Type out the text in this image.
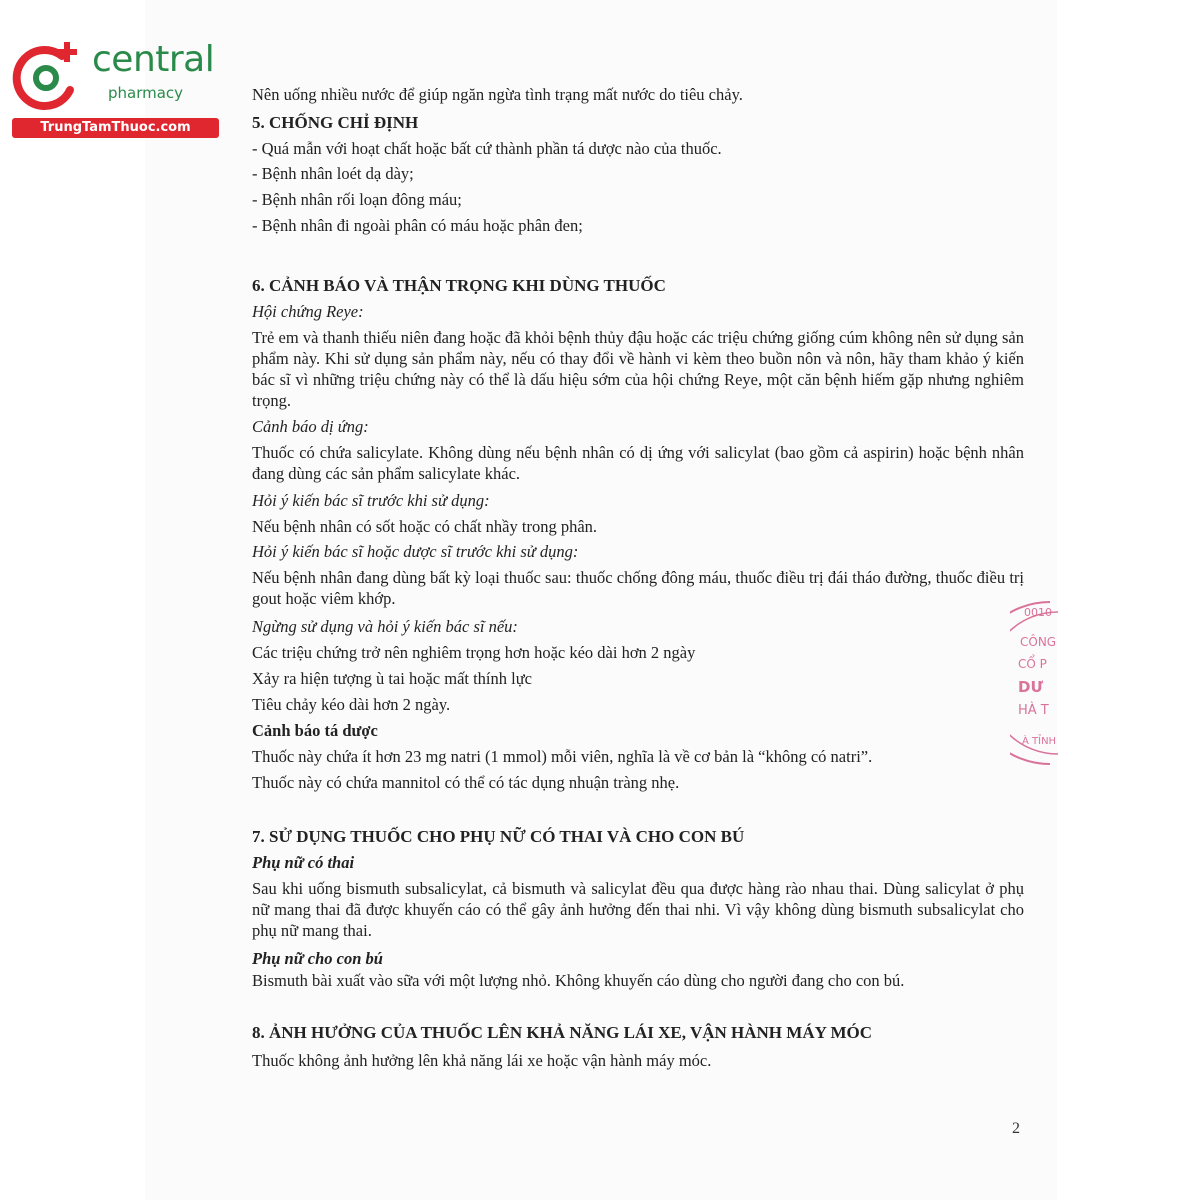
central
pharmacy
TrungTamThuoc.com

Nên uống nhiều nước để giúp ngăn ngừa tình trạng mất nước do tiêu chảy.

5. CHỐNG CHỈ ĐỊNH

- Quá mẫn với hoạt chất hoặc bất cứ thành phần tá dược nào của thuốc.

- Bệnh nhân loét dạ dày;

- Bệnh nhân rối loạn đông máu;

- Bệnh nhân đi ngoài phân có máu hoặc phân đen;

6. CẢNH BÁO VÀ THẬN TRỌNG KHI DÙNG THUỐC

Hội chứng Reye:

Trẻ em và thanh thiếu niên đang hoặc đã khỏi bệnh thủy đậu hoặc các triệu chứng giống cúm không nên sử dụng sản phẩm này. Khi sử dụng sản phẩm này, nếu có thay đổi về hành vi kèm theo buồn nôn và nôn, hãy tham khảo ý kiến bác sĩ vì những triệu chứng này có thể là dấu hiệu sớm của hội chứng Reye, một căn bệnh hiếm gặp nhưng nghiêm trọng.

Cảnh báo dị ứng:

Thuốc có chứa salicylate. Không dùng nếu bệnh nhân có dị ứng với salicylat (bao gồm cả aspirin) hoặc bệnh nhân đang dùng các sản phẩm salicylate khác.

Hỏi ý kiến bác sĩ trước khi sử dụng:

Nếu bệnh nhân có sốt hoặc có chất nhầy trong phân.

Hỏi ý kiến bác sĩ hoặc dược sĩ trước khi sử dụng:

Nếu bệnh nhân đang dùng bất kỳ loại thuốc sau: thuốc chống đông máu, thuốc điều trị đái tháo đường, thuốc điều trị gout hoặc viêm khớp.

Ngừng sử dụng và hỏi ý kiến bác sĩ nếu:

Các triệu chứng trở nên nghiêm trọng hơn hoặc kéo dài hơn 2 ngày

Xảy ra hiện tượng ù tai hoặc mất thính lực

Tiêu chảy kéo dài hơn 2 ngày.

Cảnh báo tá dược

Thuốc này chứa ít hơn 23 mg natri (1 mmol) mỗi viên, nghĩa là về cơ bản là “không có natri”.

Thuốc này có chứa mannitol có thể có tác dụng nhuận tràng nhẹ.

7. SỬ DỤNG THUỐC CHO PHỤ NỮ CÓ THAI VÀ CHO CON BÚ

Phụ nữ có thai

Sau khi uống bismuth subsalicylat, cả bismuth và salicylat đều qua được hàng rào nhau thai. Dùng salicylat ở phụ nữ mang thai đã được khuyến cáo có thể gây ảnh hưởng đến thai nhi. Vì vậy không dùng bismuth subsalicylat cho phụ nữ mang thai.

Phụ nữ cho con bú

Bismuth bài xuất vào sữa với một lượng nhỏ. Không khuyến cáo dùng cho người đang cho con bú.

8. ẢNH HƯỞNG CỦA THUỐC LÊN KHẢ NĂNG LÁI XE, VẬN HÀNH MÁY MÓC

Thuốc không ảnh hưởng lên khả năng lái xe hoặc vận hành máy móc.

2
0010
CÔNG
CỔ P
DƯ
HÀ T
À TỈNH
